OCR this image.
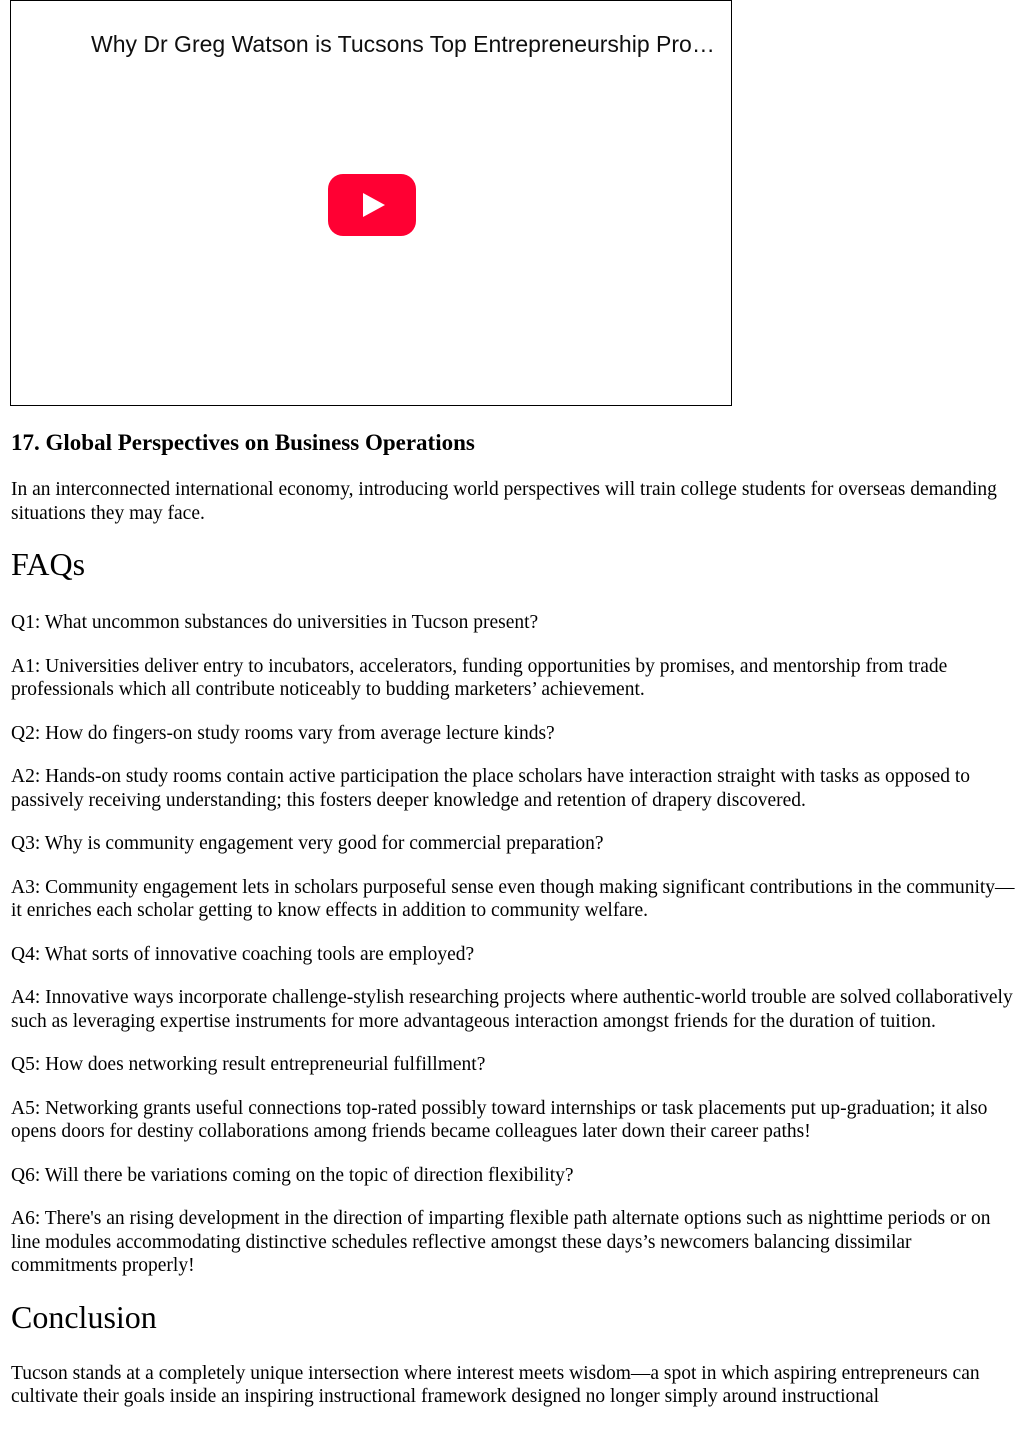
Why Dr Greg Watson is Tucsons Top Entrepreneurship Prof…
17. Global Perspectives on Business Operations

In an interconnected international economy, introducing world perspectives will train college students for overseas demanding situations they may face.

FAQs

Q1: What uncommon substances do universities in Tucson present?

A1: Universities deliver entry to incubators, accelerators, funding opportunities by promises, and mentorship from trade professionals which all contribute noticeably to budding marketers’ achievement.

Q2: How do fingers-on study rooms vary from average lecture kinds?

A2: Hands-on study rooms contain active participation the place scholars have interaction straight with tasks as opposed to passively receiving understanding; this fosters deeper knowledge and retention of drapery discovered.

Q3: Why is community engagement very good for commercial preparation?

A3: Community engagement lets in scholars purposeful sense even though making significant contributions in the community—it enriches each scholar getting to know effects in addition to community welfare.

Q4: What sorts of innovative coaching tools are employed?

A4: Innovative ways incorporate challenge-stylish researching projects where authentic-world trouble are solved collaboratively such as leveraging expertise instruments for more advantageous interaction amongst friends for the duration of tuition.

Q5: How does networking result entrepreneurial fulfillment?

A5: Networking grants useful connections top-rated possibly toward internships or task placements put up-graduation; it also opens doors for destiny collaborations among friends became colleagues later down their career paths!

Q6: Will there be variations coming on the topic of direction flexibility?

A6: There's an rising development in the direction of imparting flexible path alternate options such as nighttime periods or on line modules accommodating distinctive schedules reflective amongst these days’s newcomers balancing dissimilar commitments properly!

Conclusion

Tucson stands at a completely unique intersection where interest meets wisdom—a spot in which aspiring entrepreneurs can cultivate their goals inside an inspiring instructional framework designed no longer simply around instructional
